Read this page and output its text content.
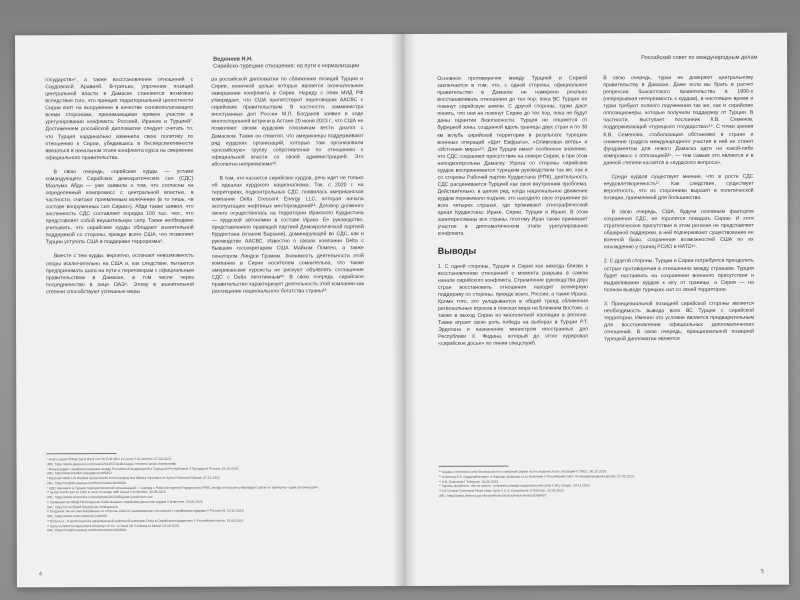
Веденеев Н.Н.
Сирийско-турецкие отношения: на пути к нормализации

государств»⁶, а также восстановление отношений с Саудовской Аравией. В-третьих, упрочение позиций центральной власти в Дамаске становится возможно вследствие того, что принцип территориальной целостности Сирии взят на вооружение в качестве основополагающего всеми сторонами, принимающими прямое участие в урегулировании конфликта: Россией, Ираном и Турцией⁷. Достижением российской дипломатии следует считать то, что Турция кардинально изменила свою политику по отношению к Сирии, убедившись в бесперспективности ввязаться в начальном этапе конфликта курса на свержение официального правительства.

В свою очередь, сирийские курды — устами командующего Сирийских демократических сил (СДС) Мазлума Абди — уже заявили о том, что согласны на определенный компромисс с центральной властью, в частности, считают приемлемым включение (в то лишь, «в составе вооруженных сил Сирии»). Абди также заявил, что численность СДС составляет порядка 100 тыс. чел., что представляет собой внушительную силу. Также необходимо учитывать, что сирийские курды обладают значительной поддержкой со стороны, прежде всего США, что позволяет Турции уступать США в поддержке терроризма⁸.

Вместе с тем курды, вероятно, осознают невозможность опоры исключительно на США и, как следствие, пытаются предпринимать шаги на пути к переговорам с официальным правительством в Дамаске, в том числе через посредничество в лице ОАЭ⁹. Этому в значительной степени способствуют успешные меры

ра российской дипломатии по сближению позиций Турции и Сирии, конечной целью которых является окончательное завершение конфликта в Сирии. Наряду с этим МИД РФ утверждает, что США препятствуют переговорам ААСВС с сирийским правительством. В частности, замминистра иностранных дел России М.Л. Богданов заявил в ходе многосторонней встречи в Астане 20 июня 2023 г., что США не позволяют своим курдским союзникам вести диалог с Дамаском. Также он отметил, что американцы поддерживают ряд курдских организаций, которые там организовали «российскую» группу сопротивления по отношению к официальной власти со своей администрацией. Это абсолютно неприемлемо¹⁰.

В том, что касается сирийских курдов, речь идет не только об идеалах курдского национализма. Так, с 2020 г. на территориях, подконтрольных СДС, появилась американская компания Delta Crescent Energy LLC, которая начала эксплуатацию нефтяных месторождений¹¹. Договор должного своего осуществилась на территории Иракского Курдистана — курдской автономии в составе Ирака. Ее руководство, представленное правящей партией Демократической партией Курдистана (кланом Барзани), доминирующей во СДС, как и руководство ААСВС. Известно о связях компании Delta с бывшим госсекретарем США Майком Помпео, а также сенатором Линдси Грэмом. Значимость деятельности этой компании в Сирии носителем сомнительна, что также американские курсисты не рискуют объявлять соглашение СДС с Delta легитимным¹². В свою очередь, сирийское правительство характеризует деятельность этой компании как расхищение национального богатства страны¹³.

⁶ Arab League Brings Syria Back into Its Fold after 12 years // Al Jazeera. 07.05.2023.
URL: https://www.aljazeera.com/news/2023/5/7/arab-league-restores-syrias-membership
⁷ Меморандум о взаимопонимании между Российской Федерацией и Турецкой Республикой // Президент России. 22.10.2019.
URL: http://www.kremlin.ru/supplement/5452
⁸ Mazloum Abdi: US Wanted Syrian Kurds from Carrying Out Military Operation in Syria // Asharq Al-Awsat. 07.12.2022.
URL: https://english.aawsat.com/home/article/4030681
⁹ СДС признали в Турции террористической организацией — наряду с Рабочей партией Курдистана (РПК), между которыми утверждают связи по принципу «одна организация».
¹⁰ Syrian Kurds turn to UAE to steer leverage with Assad // Al-Monitor. 30.05.2023.
URL: https://www.al-monitor.com/originals/2023/05/syrian-kurds-turn-uae
¹¹ Замминистра МИД РФ Богданов: США мешают сирийским диалогом курдов // Известия. 20.06.2024.
URL: https://iz.ru/1533479/2023-06-20/bogdanov
¹² Богданов: мы не рассматриваем со стороны США по налаживанию отношений с сирийскими курдами // Россия 24. 14.10.2019.
URL: https://www.vesti.ru/article/1282450
¹³ Delta A.G.: О деятельности американской нефтяной компании Delta в Сирийском Курдистане // Российская газета. 19.06.2023.
¹⁴ Syria Condemns Agreement Allowing US Co. to Steal Oil // Asharq Al-Awsat. 03.08.2020.
URL: https://english.aawsat.com/home/article/2428681
4
Российский совет по международным делам

Основное противоречие между Турцией и Сирией заключается в том, что, с одной стороны, официальное правительство в Дамаске не намерено реально восстанавливать отношения до тех пор, пока ВС Турции не покинут сирийскую землю. С другой стороны, турки дают понять, что они не покинут Сирию до тех пор, пока не будут даны гарантии безопасности. Турция не откажется от буферной зоны, созданной вдоль границы двух стран и по 30 км вглубь сирийской территории в результате турецких военных операций «Щит Евфрата», «Оливковая ветвь» и «Источник мира»¹⁴. Для Турции имеет особенное значение, что СДС сохраняют присутствие на севере Сирии, и при этом неподконтрольны Дамаску. Угроза со стороны сирийских курдов воспринимается турецким руководством так же, как и со стороны Рабочей партии Курдистана (РПК), деятельность СДС расценивается Турцией как своя внутренняя проблема. Действительно, в целом ряд, когда национальное движение курдов переживало подъем, это находило свое отражение во всех четырех странах, где проживают этнографический ареал Курдистана: Ираке, Сирии, Турции и Иране. В этом заинтересованы все страны, поэтому Иран также принимает участие в дипломатическом этапе урегулирования конфликта.

Выводы

1. С одной стороны, Турция и Сирия как никогда близки к восстановлению отношений с момента разрыва в самом начале сирийского конфликта. Стремление руководства двух стран восстановить отношения находит всемерную поддержку со стороны, прежде всего, России, а также Ирана. Кроме того, это укладывается в общий тренд сближения региональных игроков в поисках мира на Ближнем Востоке, а также в выход Сирии из многолетней изоляции в регионе. Также играет свою роль победа на выборах в Турции Р.Т. Эрдогана и назначение министром иностранных дел Республики Х. Фидана, который до этого курировал «сирийское досье» по линии спецслужб.

В свою очередь, турки не доверяют центральному правительству в Дамаске. Даже если вы брать в расчет репрессии баасистского правительства в 1990-х (непрерывная нетерпимость к курдам), в настоящее время и турки требуют полного подчинения так же, как и сирийские оппозиционеры, которые получили поддержку от Турции. В частности, выступает посланник К.В. Семенов, поддерживающий «турецкого государства»¹⁵. С точки зрения К.В. Семенова, стабилизация обстановки в стране и снижение градуса международного участия в ней не станет фундаментом для нового Дамаска идти на какой-либо компромисс с оппозицией¹⁶, — тем самым это является и в данной степени касается и «курдского вопроса».

Среди курдов существует мнение, что в росте СДС неудовлетворенность¹⁷. Как следствие, существует вероятность, что их сторонники выразят в политической позиции, приемлемой для большинства.

В свою очередь, США, будучи основным фактором сохранения СДС, не торопятся покидать Сирию. И хотя стратегическое присутствие в этом регионе не представляет обширной поддержки, в ней подчеркивают существование ее военной базы, сохранение возможностей США по их нахождению у границ РСИО и НАТО¹⁸.

2. С другой стороны, Турции и Сирии потребуется преодолеть острые противоречия в отношениях между странами. Турция будет настаивать на сохранении военного присутствия и выдавливании курдов к югу от границы, а Сирия — на полном выводе турецких сил со своей территории.

3. Принципиальной позицией сирийской стороны является необходимость вывода всех ВС Турции с сирийской территории. Именно это условие является предварительным для восстановления официальных дипломатических отношений. В свою очередь, принципиальной позицией турецкой дипломатии является

¹⁴ Анкара отклонила зону безопасности в северной Сирии на последнем этапе операции // ТАСС. 30.10.2019.
¹⁵ Семенов К.В. Курдский вопрос и подходы Дамаска к его решению // Российский совет по международным делам. 27.02.2023.
¹⁶ К.В. Семенов // Telegram. 26.06.2023.
¹⁷ Кураты пытаются, тем не менее, сохранить имидж национальной силы // ИЦ «Курд». 14.11.2019.
¹⁸ US Central Command Head Visits Syria // U.S. Department of Defense. 20.05.2023.
URL: https://www.defense.gov/News/News-Stories/Article/Article/2998427
5
